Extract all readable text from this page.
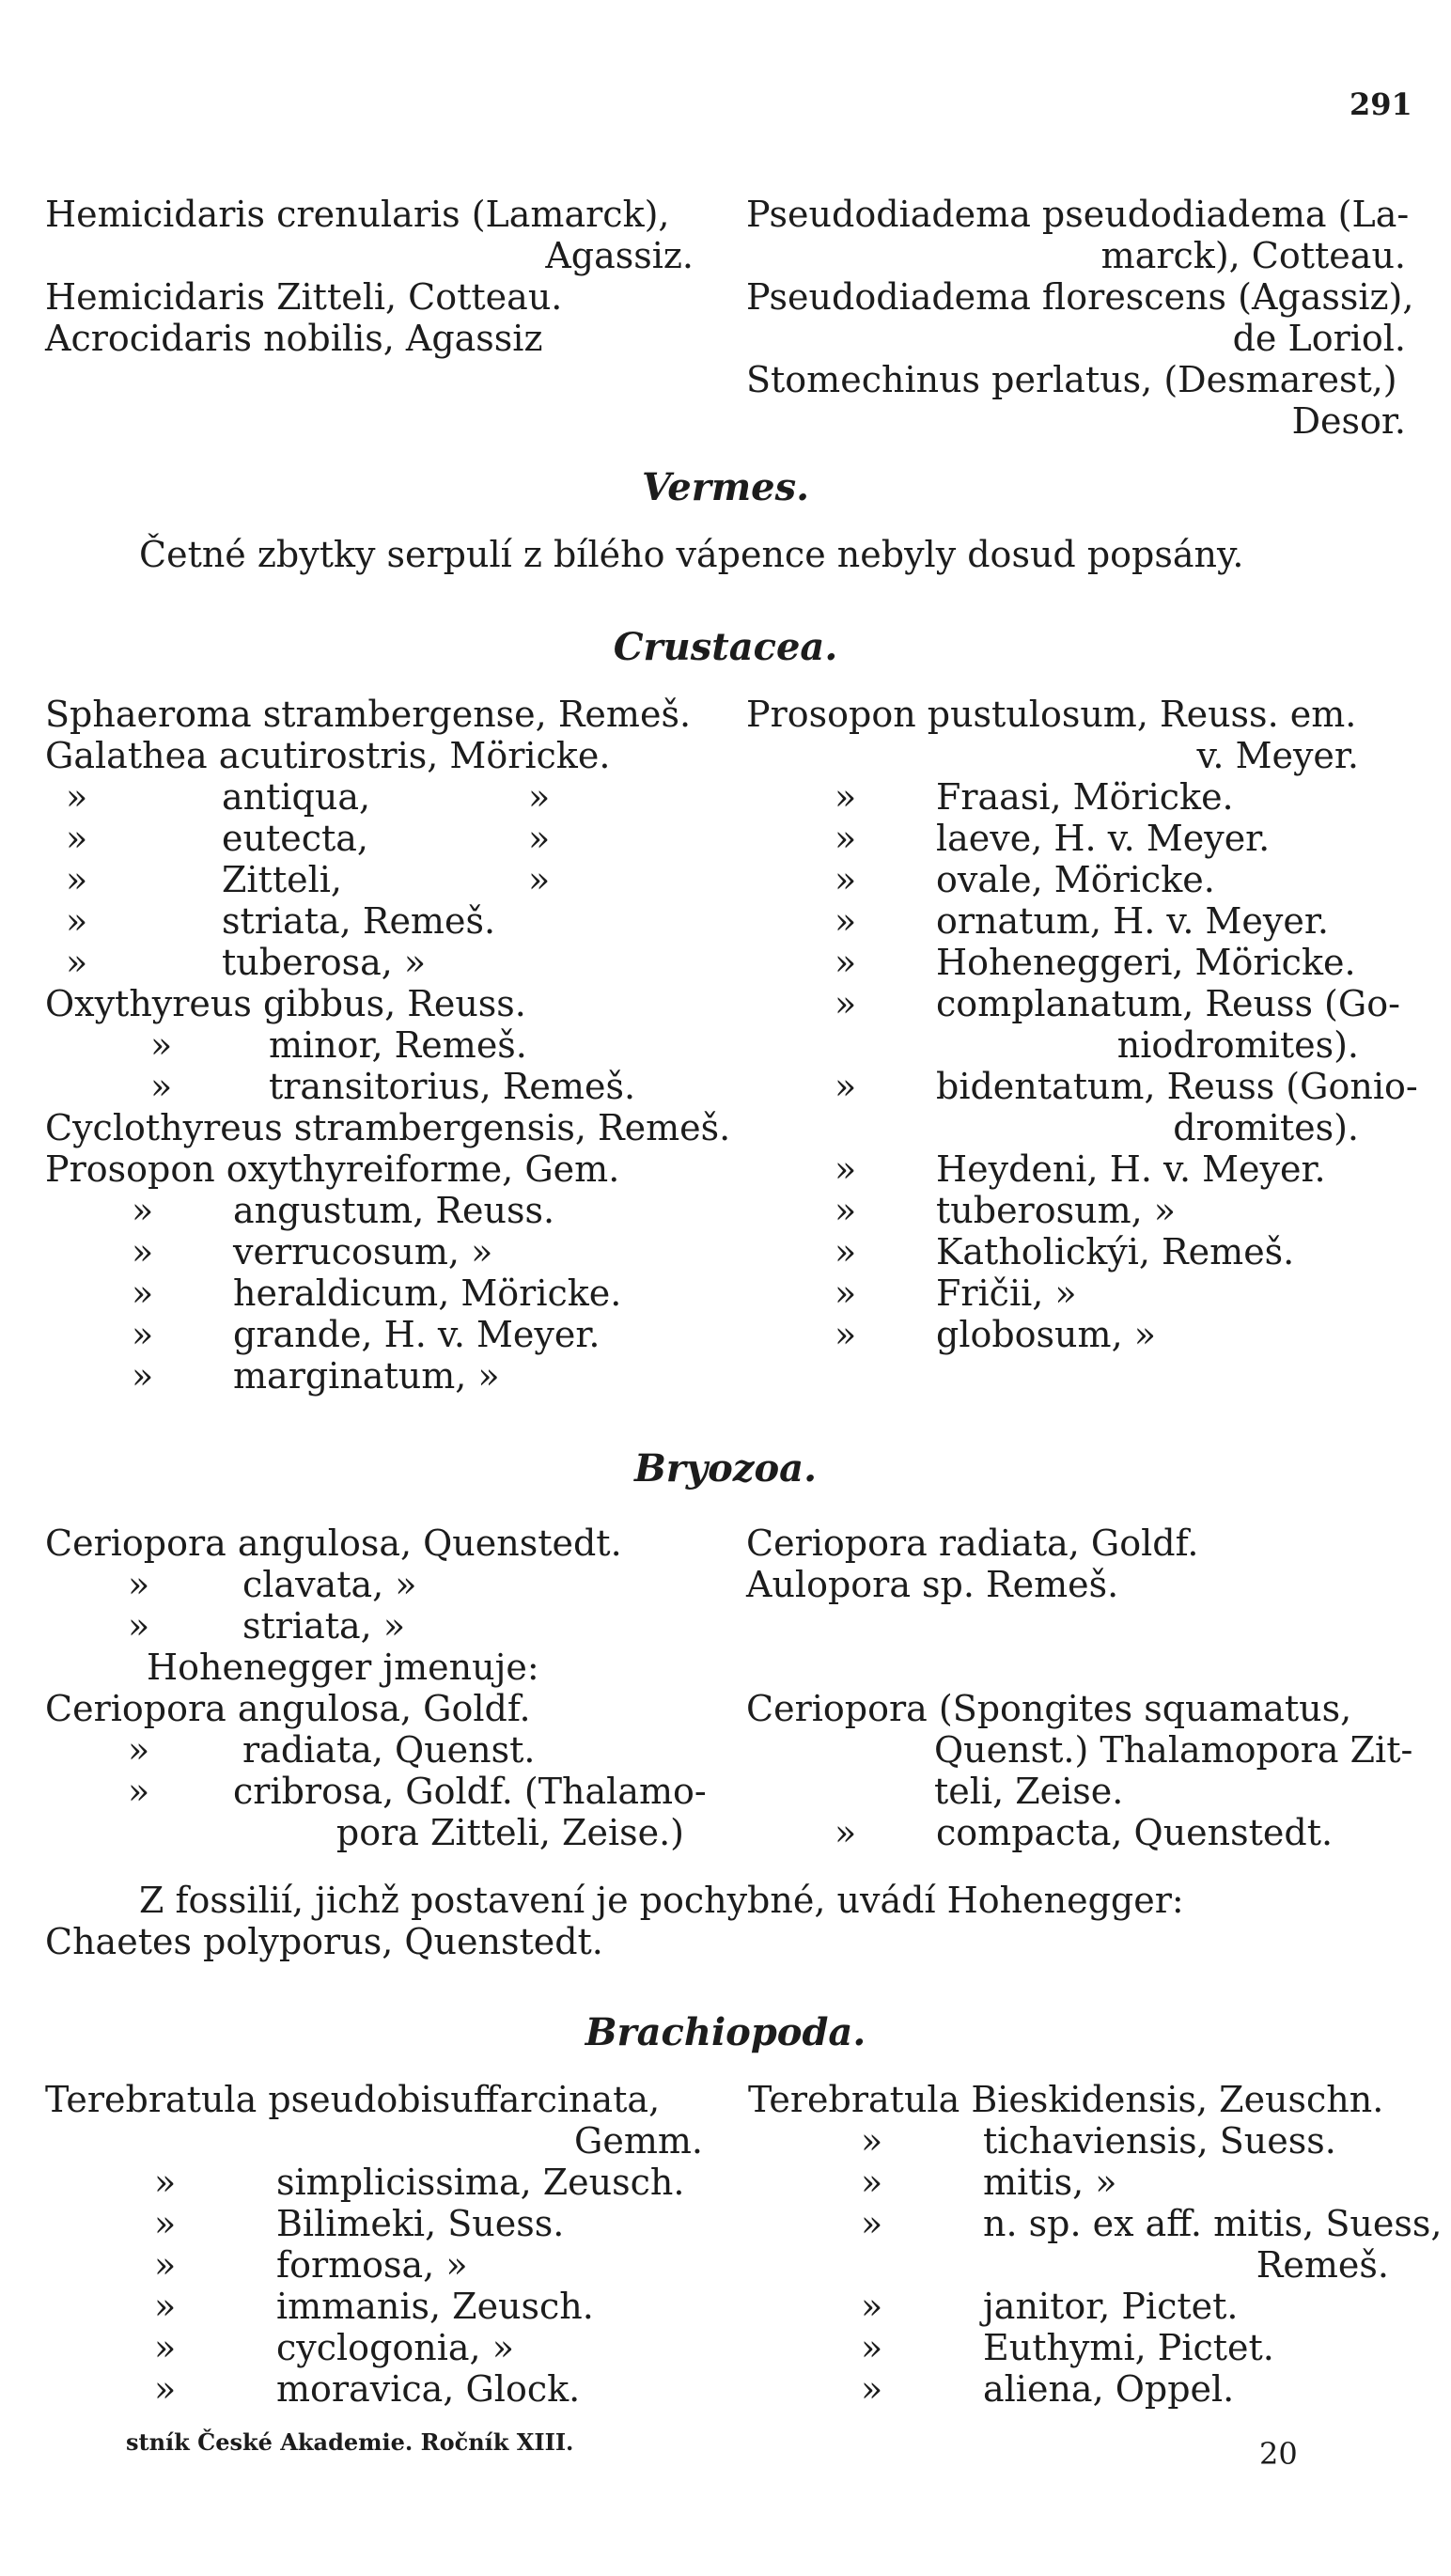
291
Hemicidaris crenularis (Lamarck),
Agassiz.
Hemicidaris Zitteli, Cotteau.
Acrocidaris nobilis, Agassiz
Pseudodiadema pseudodiadema (La-
marck), Cotteau.
Pseudodiadema florescens (Agassiz),
de Loriol.
Stomechinus perlatus, (Desmarest,)
Desor.
Vermes.
Četné zbytky serpulí z bílého vápence nebyly dosud popsány.
Crustacea.
Sphaeroma strambergense, Remeš.
Galathea acutirostris, Möricke.
»	antiqua,	»
»	eutecta,	»
»	Zitteli,	»
»	striata, Remeš.
»	tuberosa, »
Oxythyreus gibbus, Reuss.
»	minor, Remeš.
»	transitorius, Remeš.
Cyclothyreus strambergensis, Remeš.
Prosopon oxythyreiforme, Gem.
» angustum, Reuss.
» verrucosum, »
» heraldicum, Möricke.
» grande, H. v. Meyer.
» marginatum, »
Prosopon pustulosum, Reuss. em.
v. Meyer.
» Fraasi, Möricke.
» laeve, H. v. Meyer.
» ovale, Möricke.
» ornatum, H. v. Meyer.
» Hoheneggeri, Möricke.
» complanatum, Reuss (Go-
niodromites).
» bidentatum, Reuss (Gonio-
dromites).
» Heydeni, H. v. Meyer.
» tuberosum, »
» Katholickýi, Remeš.
» Fričii, »
» globosum, »
Bryozoa.
Ceriopora angulosa, Quenstedt.
»	clavata, »
»	striata, »
Hohenegger jmenuje:
Ceriopora angulosa, Goldf.
»	radiata, Quenst.
» cribrosa, Goldf. (Thalamo-
pora Zitteli, Zeise.)
Ceriopora radiata, Goldf.
Aulopora sp. Remeš.
Ceriopora (Spongites squamatus,
Quenst.) Thalamopora Zit-
teli, Zeise.
» compacta, Quenstedt.
Z fossilií, jichž postavení je pochybné, uvádí Hohenegger:
Chaetes polyporus, Quenstedt.
Brachiopoda.
Terebratula pseudobisuffarcinata,
Gemm.
»	simplicissima, Zeusch.
»	Bilimeki, Suess.
»	formosa, »
»	immanis, Zeusch.
»	cyclogonia, »
»	moravica, Glock.
Terebratula Bieskidensis, Zeuschn.
»	tichaviensis, Suess.
»	mitis, »
»	n. sp. ex aff. mitis, Suess,
Remeš.
»	janitor, Pictet.
»	Euthymi, Pictet.
»	aliena, Oppel.
stník České Akademie. Ročník XIII.	20
